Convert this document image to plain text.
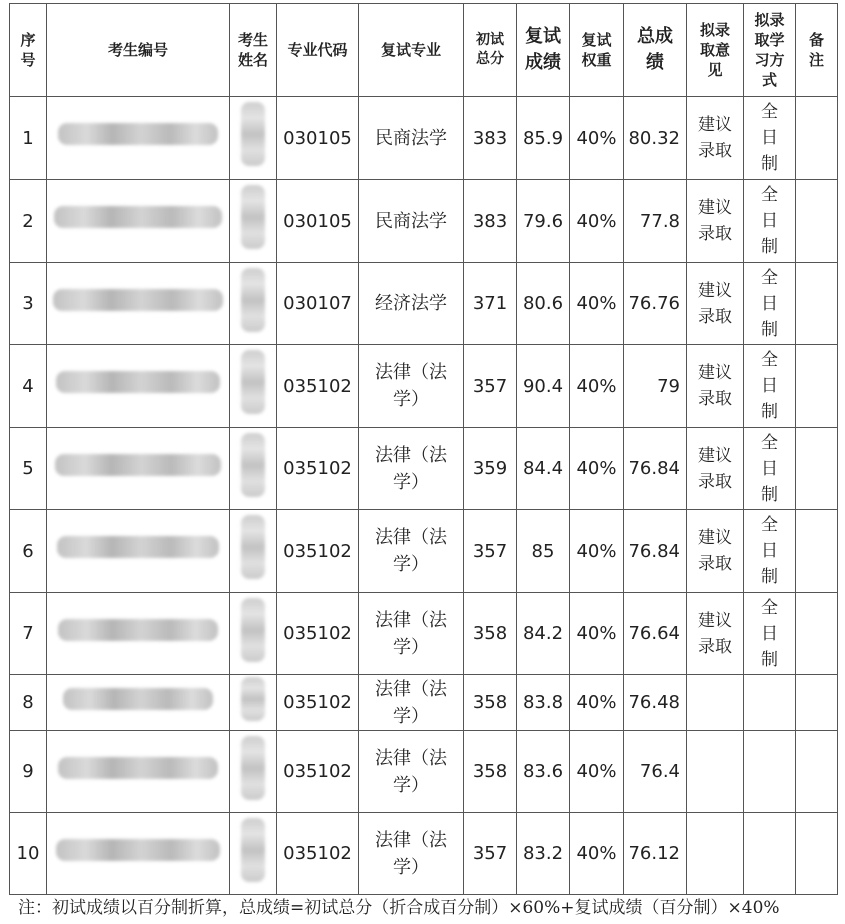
序号	考生编号	考生姓名	专业代码	复试专业	初试总分	复试成绩	复试权重	总成绩	拟录取意见	拟录取学习方式	备注
1			030105	民商法学	383	85.9	40%	80.32	建议录取	全日制	
2			030105	民商法学	383	79.6	40%	77.8	建议录取	全日制	
3			030107	经济法学	371	80.6	40%	76.76	建议录取	全日制	
4			035102	法律（法学）	357	90.4	40%	79	建议录取	全日制	
5			035102	法律（法学）	359	84.4	40%	76.84	建议录取	全日制	
6			035102	法律（法学）	357	85	40%	76.84	建议录取	全日制	
7			035102	法律（法学）	358	84.2	40%	76.64	建议录取	全日制	
8			035102	法律（法学）	358	83.8	40%	76.48			
9			035102	法律（法学）	358	83.6	40%	76.4			
10			035102	法律（法学）	357	83.2	40%	76.12			
注：初试成绩以百分制折算，总成绩=初试总分（折合成百分制）×60%+复试成绩（百分制）×40%
